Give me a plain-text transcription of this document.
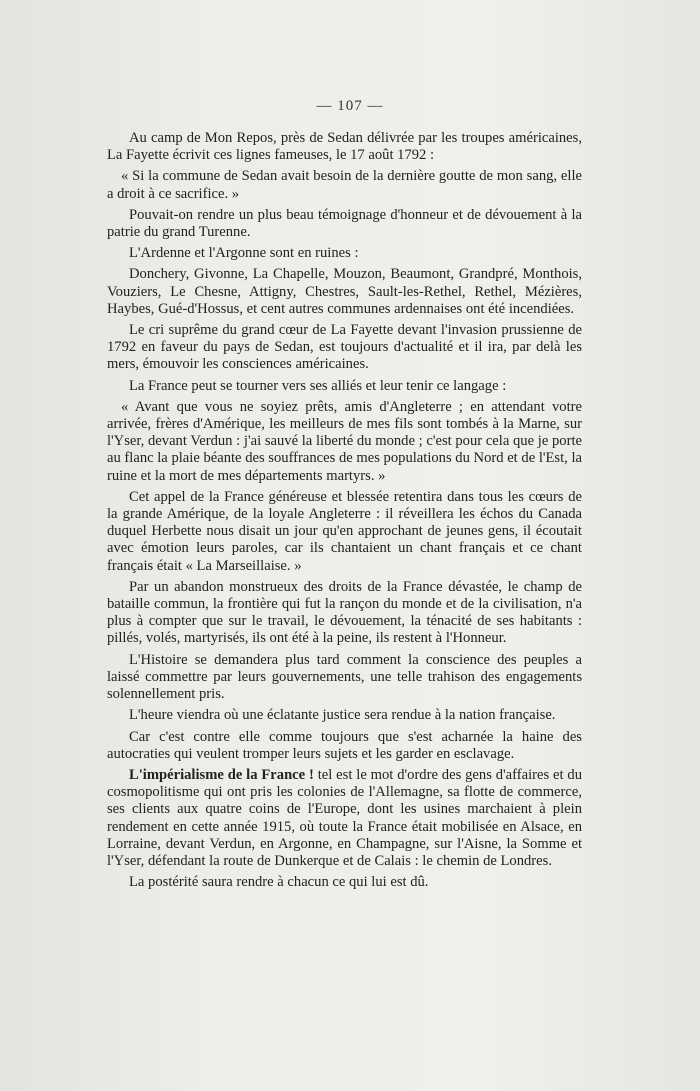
— 107 —

Au camp de Mon Repos, près de Sedan délivrée par les troupes américaines, La Fayette écrivit ces lignes fameuses, le 17 août 1792 :

« Si la commune de Sedan avait besoin de la dernière goutte de mon sang, elle a droit à ce sacrifice. »

Pouvait-on rendre un plus beau témoignage d'honneur et de dévouement à la patrie du grand Turenne.

L'Ardenne et l'Argonne sont en ruines :

Donchery, Givonne, La Chapelle, Mouzon, Beaumont, Grandpré, Monthois, Vouziers, Le Chesne, Attigny, Chestres, Sault-les-Rethel, Rethel, Mézières, Haybes, Gué-d'Hossus, et cent autres communes ardennaises ont été incendiées.

Le cri suprême du grand cœur de La Fayette devant l'invasion prussienne de 1792 en faveur du pays de Sedan, est toujours d'actualité et il ira, par delà les mers, émouvoir les consciences américaines.

La France peut se tourner vers ses alliés et leur tenir ce langage :

« Avant que vous ne soyiez prêts, amis d'Angleterre ; en attendant votre arrivée, frères d'Amérique, les meilleurs de mes fils sont tombés à la Marne, sur l'Yser, devant Verdun : j'ai sauvé la liberté du monde ; c'est pour cela que je porte au flanc la plaie béante des souffrances de mes populations du Nord et de l'Est, la ruine et la mort de mes départements martyrs. »

Cet appel de la France généreuse et blessée retentira dans tous les cœurs de la grande Amérique, de la loyale Angleterre : il réveillera les échos du Canada duquel Herbette nous disait un jour qu'en approchant de jeunes gens, il écoutait avec émotion leurs paroles, car ils chantaient un chant français et ce chant français était « La Marseillaise. »

Par un abandon monstrueux des droits de la France dévastée, le champ de bataille commun, la frontière qui fut la rançon du monde et de la civilisation, n'a plus à compter que sur le travail, le dévouement, la ténacité de ses habitants : pillés, volés, martyrisés, ils ont été à la peine, ils restent à l'Honneur.

L'Histoire se demandera plus tard comment la conscience des peuples a laissé commettre par leurs gouvernements, une telle trahison des engagements solennellement pris.

L'heure viendra où une éclatante justice sera rendue à la nation française.

Car c'est contre elle comme toujours que s'est acharnée la haine des autocraties qui veulent tromper leurs sujets et les garder en esclavage.

L'impérialisme de la France ! tel est le mot d'ordre des gens d'affaires et du cosmopolitisme qui ont pris les colonies de l'Allemagne, sa flotte de commerce, ses clients aux quatre coins de l'Europe, dont les usines marchaient à plein rendement en cette année 1915, où toute la France était mobilisée en Alsace, en Lorraine, devant Verdun, en Argonne, en Champagne, sur l'Aisne, la Somme et l'Yser, défendant la route de Dunkerque et de Calais : le chemin de Londres.

La postérité saura rendre à chacun ce qui lui est dû.
